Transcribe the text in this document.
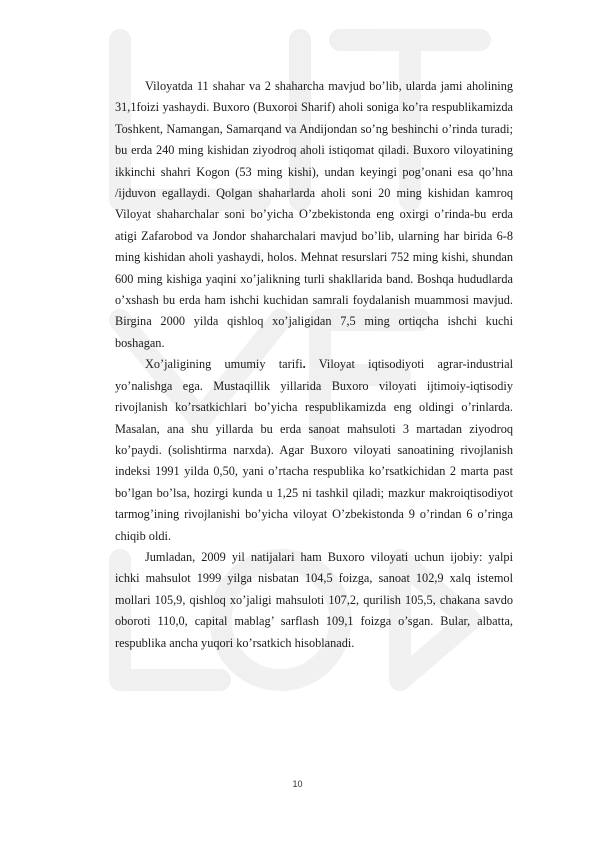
Viloyatda 11 shahar va 2 shaharcha mavjud bo’lib, ularda jami aholining 31,1foizi yashaydi. Buxoro (Buxoroi Sharif) aholi soniga ko’ra respublikamizda Toshkent, Namangan, Samarqand va Andijondan so’ng beshinchi o’rinda turadi; bu erda 240 ming kishidan ziyodroq aholi istiqomat qiladi. Buxoro viloyatining ikkinchi shahri Kogon (53 ming kishi), undan keyingi pog’onani esa qo’hna /ijduvon egallaydi. Qolgan shaharlarda aholi soni 20 ming kishidan kamroq Viloyat shaharchalar soni bo’yicha O’zbekistonda eng oxirgi o’rinda-bu erda atigi Zafarobod va Jondor shaharchalari mavjud bo’lib, ularning har birida 6-8 ming kishidan aholi yashaydi, holos. Mehnat resurslari 752 ming kishi, shundan 600 ming kishiga yaqini xo’jalikning turli shakllarida band. Boshqa hududlarda o’xshash bu erda ham ishchi kuchidan samrali foydalanish muammosi mavjud. Birgina 2000 yilda qishloq xo’jaligidan 7,5 ming ortiqcha ishchi kuchi boshagan.

Xo’jaligining umumiy tarifi. Viloyat iqtisodiyoti agrar-industrial yo’nalishga ega. Mustaqillik yillarida Buxoro viloyati ijtimoiy-iqtisodiy rivojlanish ko’rsatkichlari bo’yicha respublikamizda eng oldingi o’rinlarda. Masalan, ana shu yillarda bu erda sanoat mahsuloti 3 martadan ziyodroq ko’paydi. (solishtirma narxda). Agar Buxoro viloyati sanoatining rivojlanish indeksi 1991 yilda 0,50, yani o’rtacha respublika ko’rsatkichidan 2 marta past bo’lgan bo’lsa, hozirgi kunda u 1,25 ni tashkil qiladi; mazkur makroiqtisodiyot tarmog’ining rivojlanishi bo’yicha viloyat O’zbekistonda 9 o’rindan 6 o’ringa chiqib oldi.

Jumladan, 2009 yil natijalari ham Buxoro viloyati uchun ijobiy: yalpi ichki mahsulot 1999 yilga nisbatan 104,5 foizga, sanoat 102,9 xalq istemol mollari 105,9, qishloq xo’jaligi mahsuloti 107,2, qurilish 105,5, chakana savdo oboroti 110,0, capital mablag’ sarflash 109,1 foizga o’sgan. Bular, albatta, respublika ancha yuqori ko’rsatkich hisoblanadi.

10
